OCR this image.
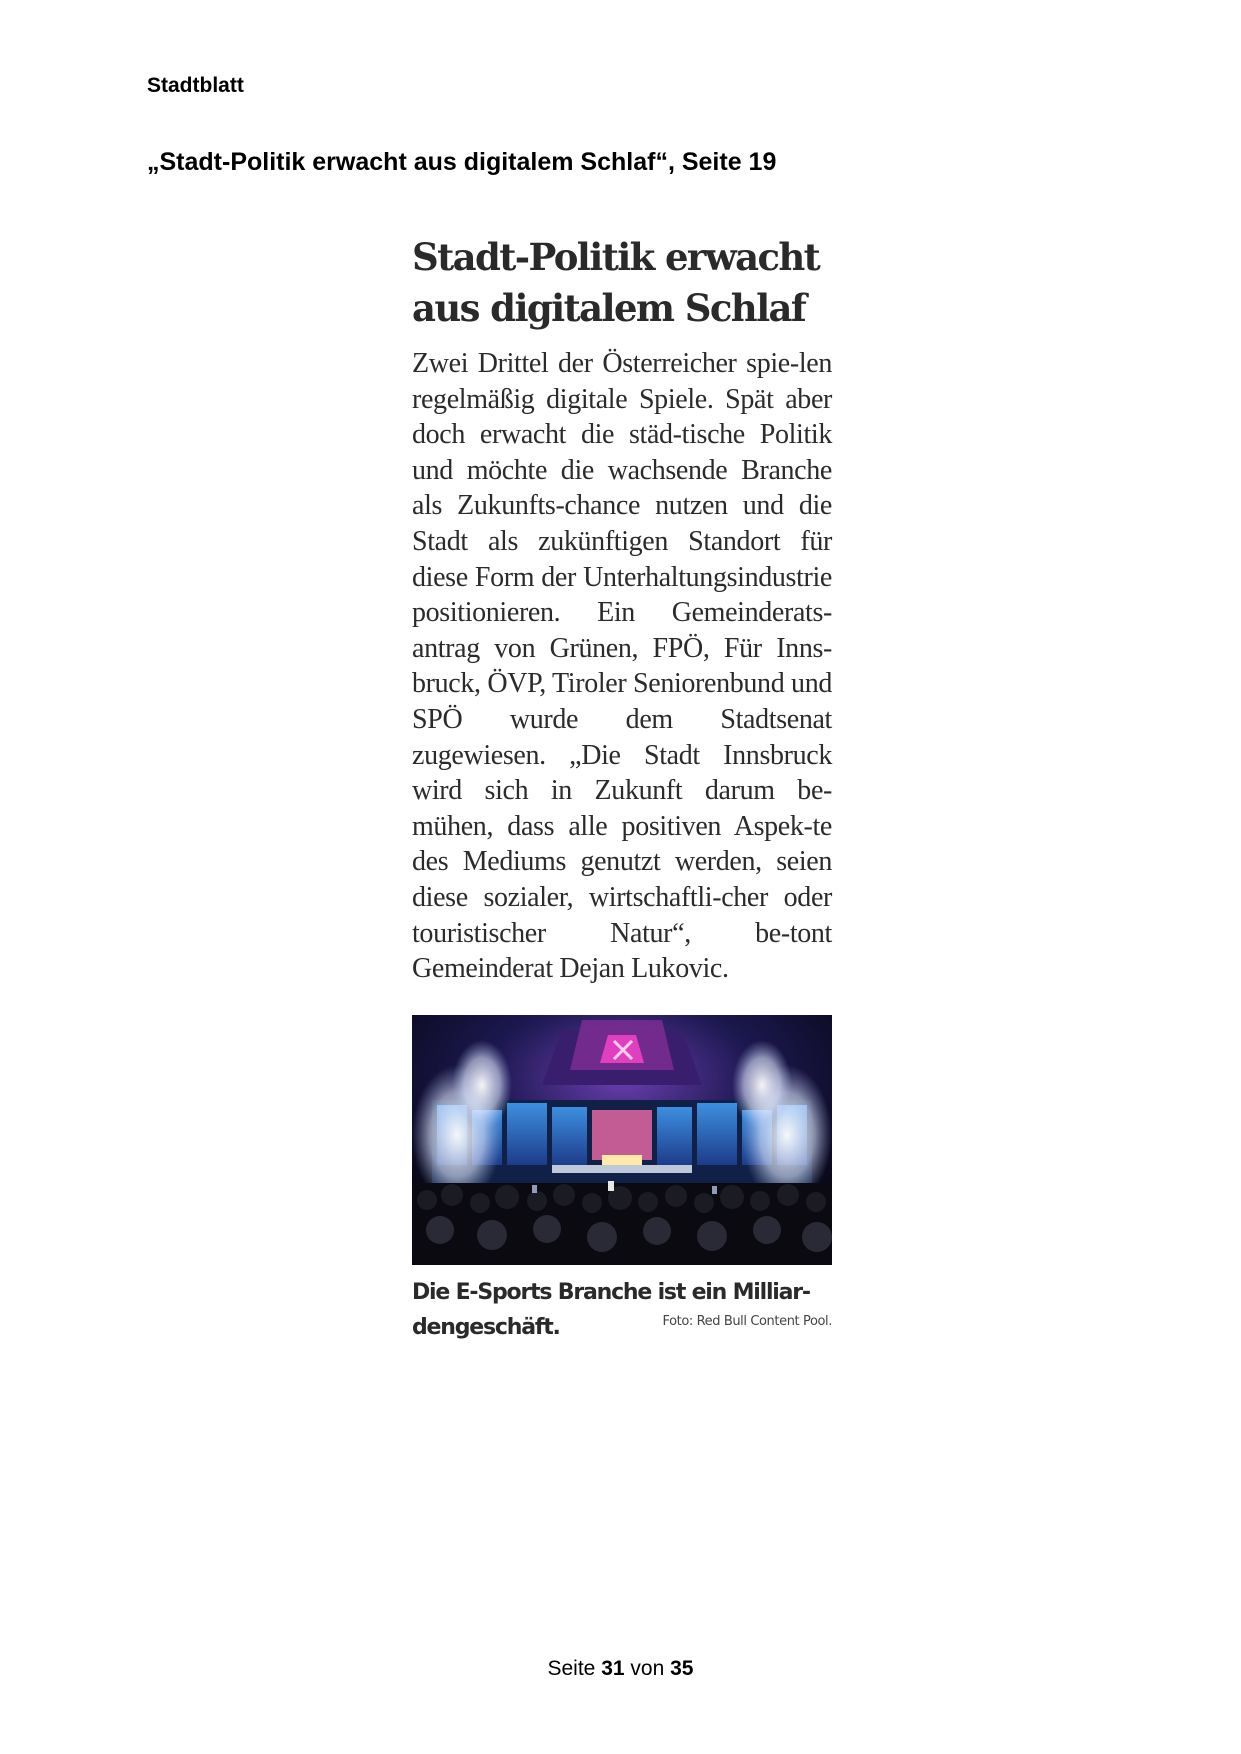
Stadtblatt
„Stadt-Politik erwacht aus digitalem Schlaf“, Seite 19
Stadt-Politik erwacht
aus digitalem Schlaf
Zwei Drittel der Österreicher spie-len regelmäßig digitale Spiele. Spät aber doch erwacht die städ-tische Politik und möchte die wachsende Branche als Zukunfts-chance nutzen und die Stadt als zukünftigen Standort für diese Form der Unterhaltungsindustrie positionieren. Ein Gemeinderats-antrag von Grünen, FPÖ, Für Inns-bruck, ÖVP, Tiroler Seniorenbund und SPÖ wurde dem Stadtsenat zugewiesen. „Die Stadt Innsbruck wird sich in Zukunft darum be-mühen, dass alle positiven Aspek-te des Mediums genutzt werden, seien diese sozialer, wirtschaftli-cher oder touristischer Natur“, be-tont Gemeinderat Dejan Lukovic.
Die E-Sports Branche ist ein Milliar-dengeschäft.	Foto: Red Bull Content Pool.
Seite 31 von 35
